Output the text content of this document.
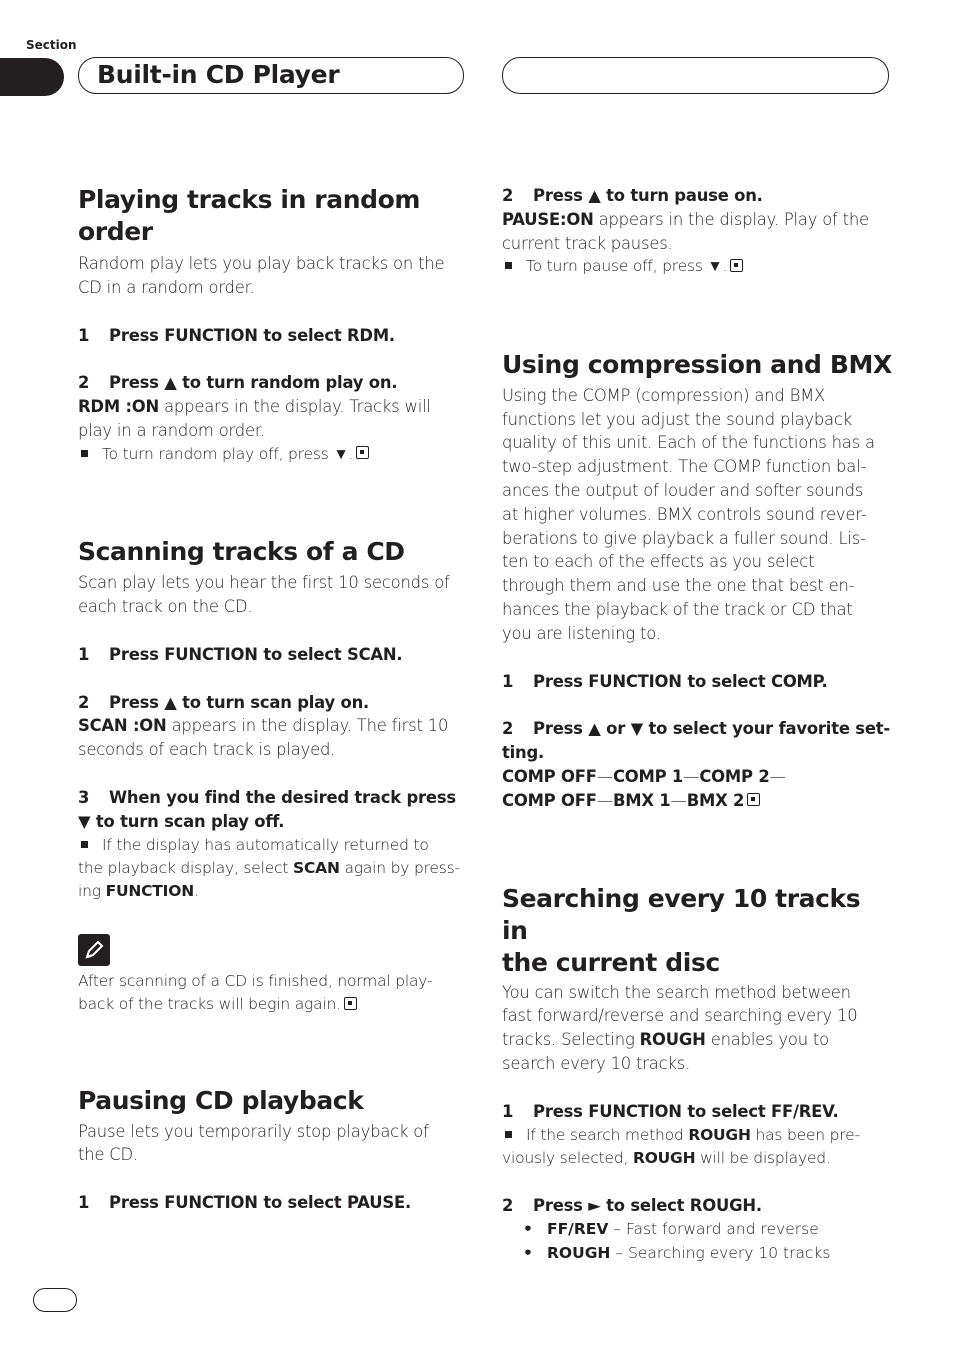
Section
Built-in CD Player
Playing tracks in random order

Random play lets you play back tracks on the

CD in a random order.

1 Press FUNCTION to select RDM.
2 Press ▲ to turn random play on.

RDM :ON appears in the display. Tracks will

play in a random order.

To turn random play off, press ▼.
Scanning tracks of a CD

Scan play lets you hear the first 10 seconds of

each track on the CD.

1 Press FUNCTION to select SCAN.
2 Press ▲ to turn scan play on.

SCAN :ON appears in the display. The first 10

seconds of each track is played.

3 When you find the desired track press
▼ to turn scan play off.
If the display has automatically returned to
the playback display, select SCAN again by press-
ing FUNCTION.
After scanning of a CD is finished, normal play-
back of the tracks will begin again.
Pausing CD playback

Pause lets you temporarily stop playback of

the CD.

1 Press FUNCTION to select PAUSE.
2 Press ▲ to turn pause on.

PAUSE:ON appears in the display. Play of the

current track pauses.

To turn pause off, press ▼.
Using compression and BMX

Using the COMP (compression) and BMX

functions let you adjust the sound playback

quality of this unit. Each of the functions has a

two-step adjustment. The COMP function bal-

ances the output of louder and softer sounds

at higher volumes. BMX controls sound rever-

berations to give playback a fuller sound. Lis-

ten to each of the effects as you select

through them and use the one that best en-

hances the playback of the track or CD that

you are listening to.

1 Press FUNCTION to select COMP.
2 Press ▲ or ▼ to select your favorite set-
ting.
COMP OFF—COMP 1—COMP 2—
COMP OFF—BMX 1—BMX 2
Searching every 10 tracks in
the current disc

You can switch the search method between

fast forward/reverse and searching every 10

tracks. Selecting ROUGH enables you to

search every 10 tracks.

1 Press FUNCTION to select FF/REV.
If the search method ROUGH has been pre-
viously selected, ROUGH will be displayed.
2 Press ► to select ROUGH.
• FF/REV – Fast forward and reverse
• ROUGH – Searching every 10 tracks
